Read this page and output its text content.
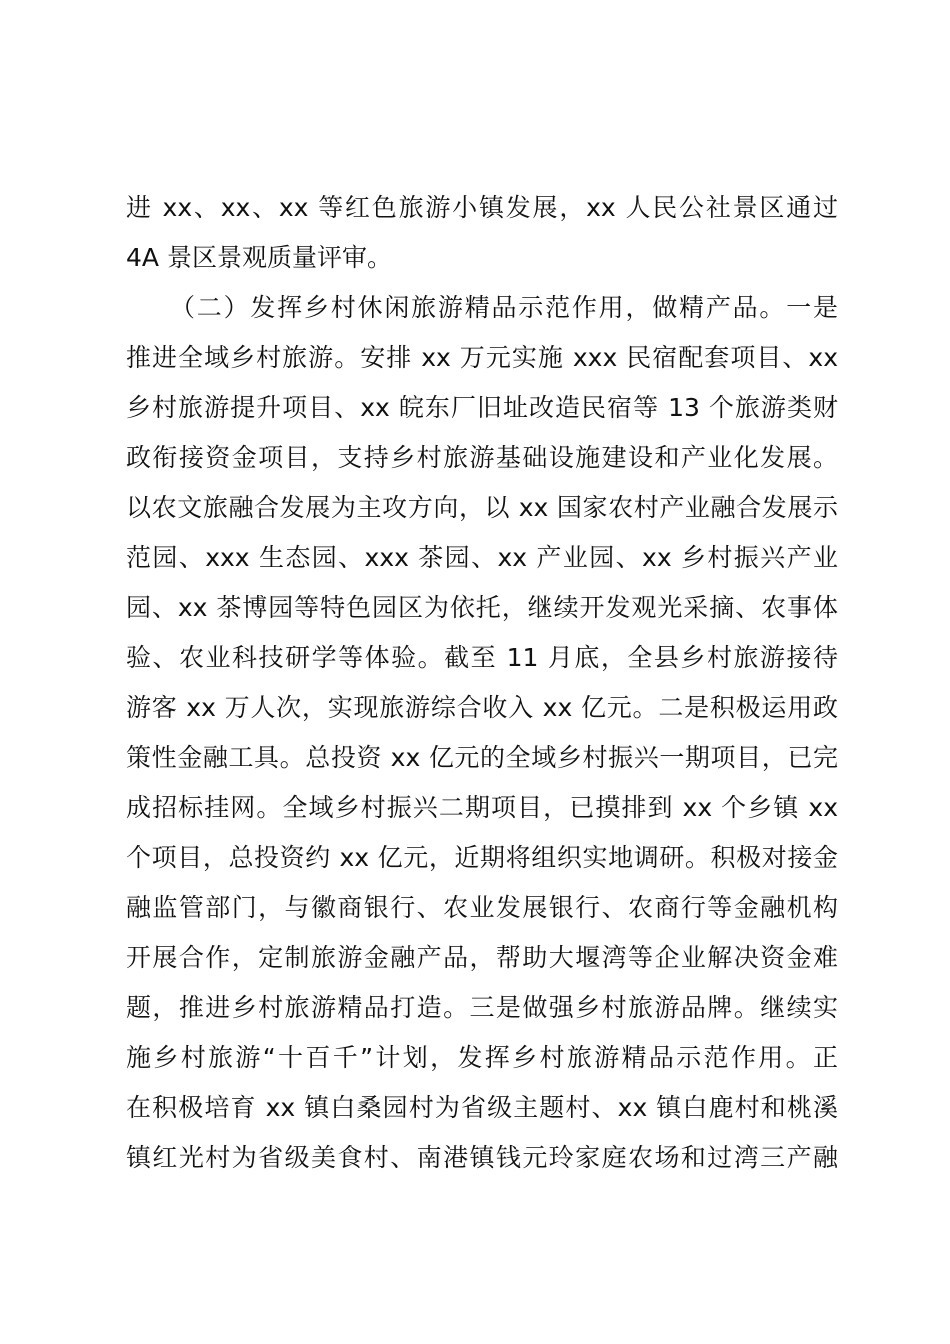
进 xx、xx、xx 等红色旅游小镇发展，xx 人民公社景区通过
4A 景区景观质量评审。
（二）发挥乡村休闲旅游精品示范作用，做精产品。一是
推进全域乡村旅游。安排 xx 万元实施 xxx 民宿配套项目、xx
乡村旅游提升项目、xx 皖东厂旧址改造民宿等 13 个旅游类财
政衔接资金项目，支持乡村旅游基础设施建设和产业化发展。
以农文旅融合发展为主攻方向，以 xx 国家农村产业融合发展示
范园、xxx 生态园、xxx 茶园、xx 产业园、xx 乡村振兴产业
园、xx 茶博园等特色园区为依托，继续开发观光采摘、农事体
验、农业科技研学等体验。截至 11 月底，全县乡村旅游接待
游客 xx 万人次，实现旅游综合收入 xx 亿元。二是积极运用政
策性金融工具。总投资 xx 亿元的全域乡村振兴一期项目，已完
成招标挂网。全域乡村振兴二期项目，已摸排到 xx 个乡镇 xx
个项目，总投资约 xx 亿元，近期将组织实地调研。积极对接金
融监管部门，与徽商银行、农业发展银行、农商行等金融机构
开展合作，定制旅游金融产品，帮助大堰湾等企业解决资金难
题，推进乡村旅游精品打造。三是做强乡村旅游品牌。继续实
施乡村旅游“十百千”计划，发挥乡村旅游精品示范作用。正
在积极培育 xx 镇白桑园村为省级主题村、xx 镇白鹿村和桃溪
镇红光村为省级美食村、南港镇钱元玲家庭农场和过湾三产融
